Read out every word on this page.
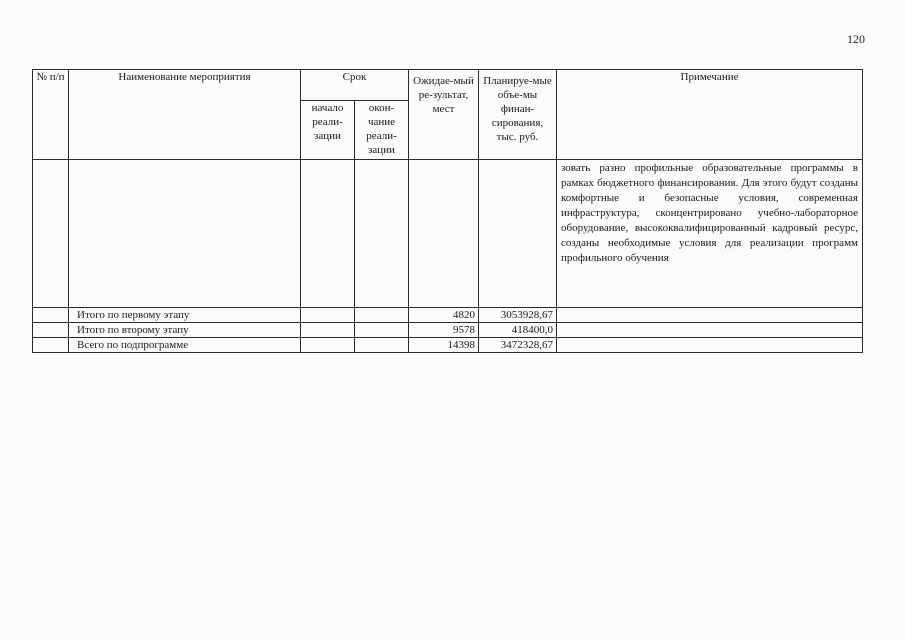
120
№ п/п	Наименование мероприятия	Срок		Ожидае-мый ре-зультат, мест	Планируе-мые объе-мы финан-сирования, тыс. руб.	Примечание
		начало реали-зации	окон-чание реали-зации			
						зовать разно профильные образовательные программы в рамках бюджетного финансирования. Для этого будут созданы комфортные и безопасные условия, современная инфраструктура, сконцентрировано учебно-лабораторное оборудование, высококвалифицированный кадровый ресурс, созданы необходимые условия для реализации программ профильного обучения
	Итого по первому этапу			4820	3053928,67	
	Итого по второму этапу			9578	418400,0	
	Всего по подпрограмме			14398	3472328,67	
